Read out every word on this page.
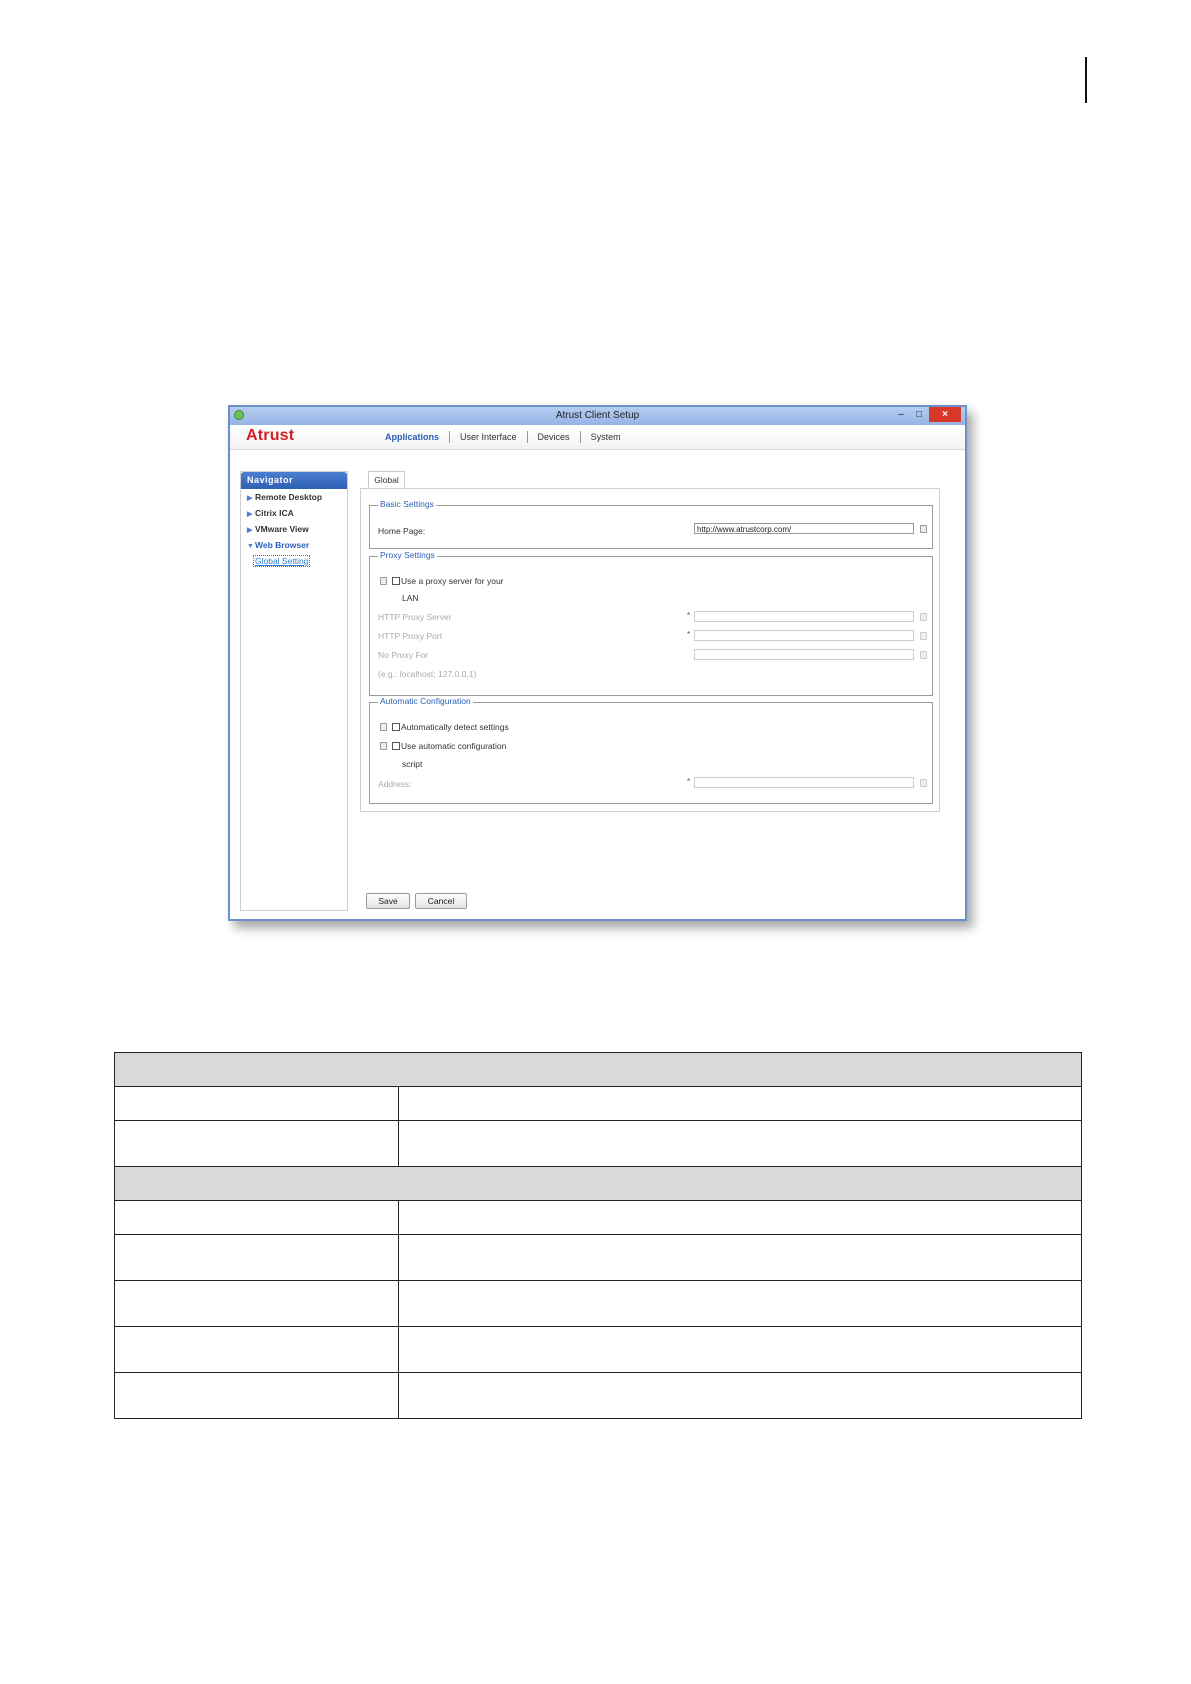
Atrust Client Setup	–	□	×
Atrust	Applications	User Interface	Devices	System
Navigator
▶ Remote Desktop
▶ Citrix ICA
▶ VMware View
▼Web Browser
Global Setting
Global
Basic Settings
Home Page:	http://www.atrustcorp.com/
Proxy Settings
Use a proxy server for your
LAN
HTTP Proxy Server	*
HTTP Proxy Port	*
No Proxy For
(e.g.: localhost; 127.0.0.1)
Automatic Configuration
Automatically detect settings
Use automatic configuration
script
Address:	*
Save	Cancel
